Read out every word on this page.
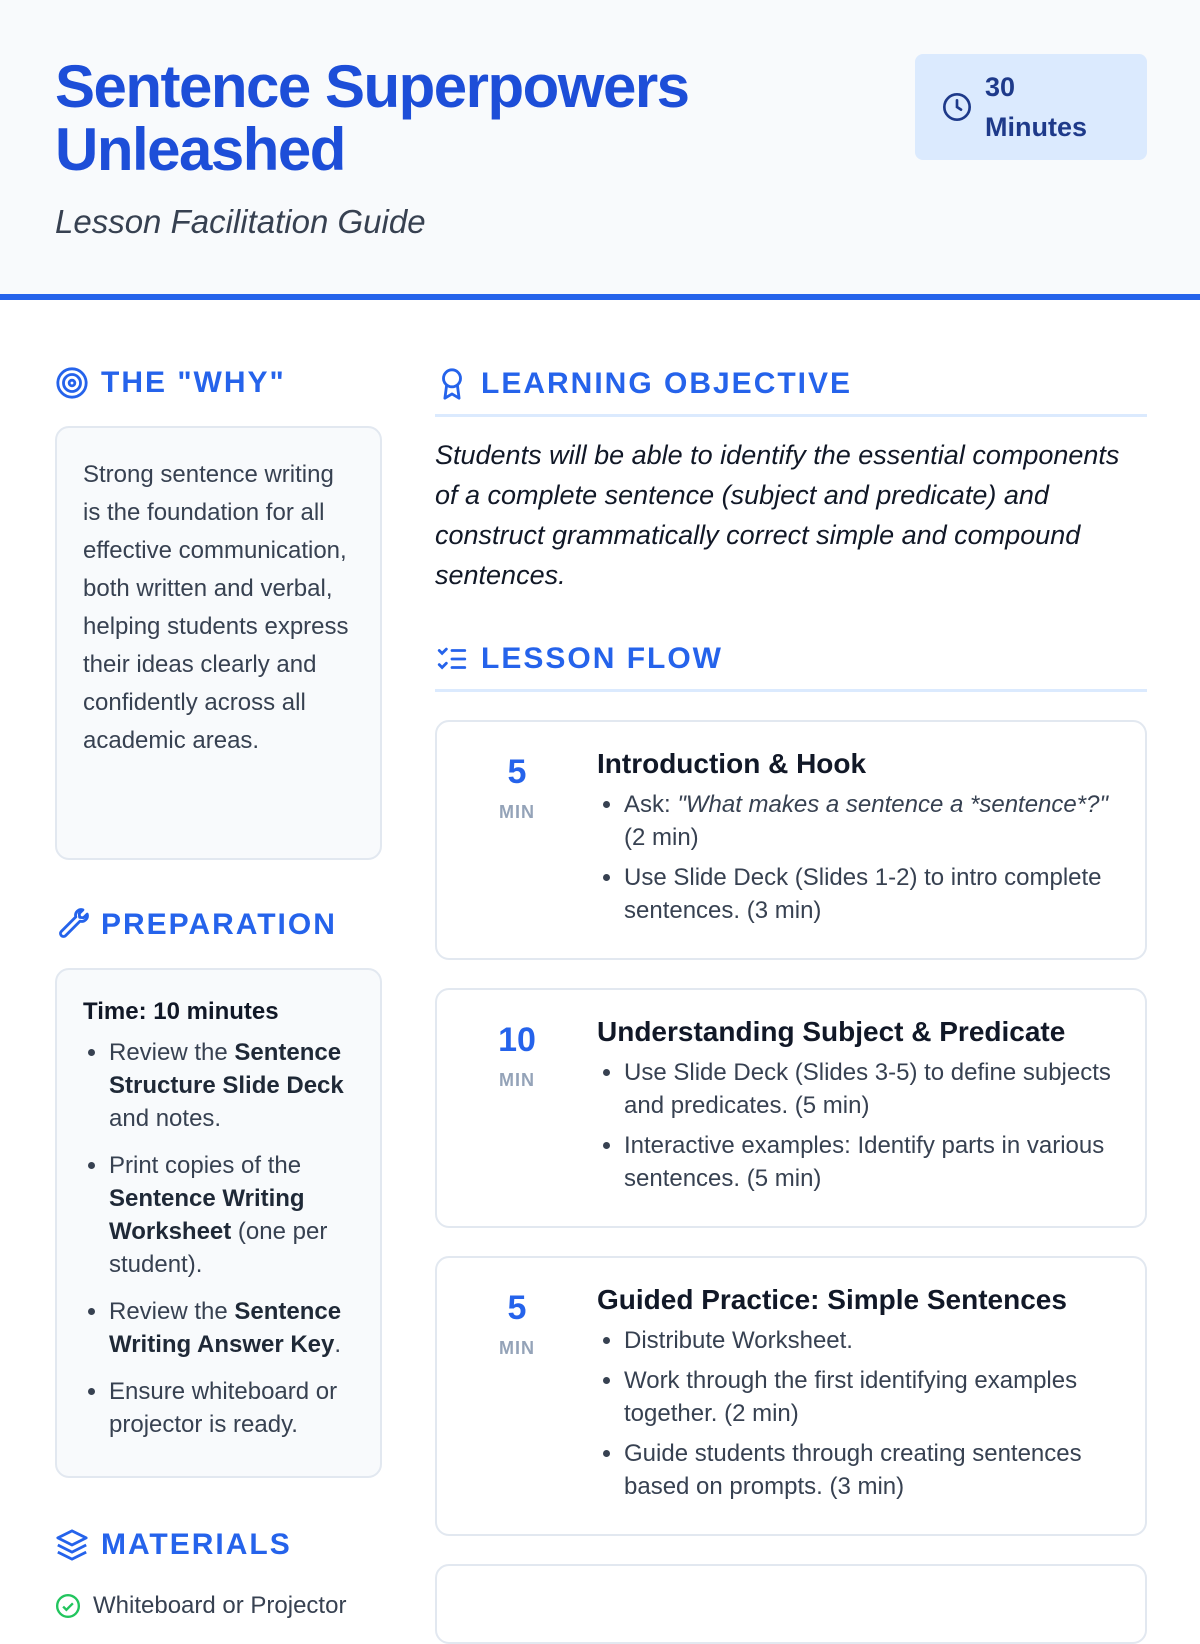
Sentence Superpowers Unleashed
Lesson Facilitation Guide
30 Minutes
THE "WHY"

Strong sentence writing is the foundation for all effective communication, both written and verbal, helping students express their ideas clearly and confidently across all academic areas.

PREPARATION
Time: 10 minutes
• Review the Sentence Structure Slide Deck and notes.
• Print copies of the Sentence Writing Worksheet (one per student).
• Review the Sentence Writing Answer Key.
• Ensure whiteboard or projector is ready.
MATERIALS
Whiteboard or Projector
LEARNING OBJECTIVE

Students will be able to identify the essential components of a complete sentence (subject and predicate) and construct grammatically correct simple and compound sentences.

LESSON FLOW
5
MIN
Introduction & Hook
• Ask: "What makes a sentence a *sentence*?" (2 min)
• Use Slide Deck (Slides 1-2) to intro complete sentences. (3 min)
10
MIN
Understanding Subject & Predicate
• Use Slide Deck (Slides 3-5) to define subjects and predicates. (5 min)
• Interactive examples: Identify parts in various sentences. (5 min)
5
MIN
Guided Practice: Simple Sentences
• Distribute Worksheet.
• Work through the first identifying examples together. (2 min)
• Guide students through creating sentences based on prompts. (3 min)
